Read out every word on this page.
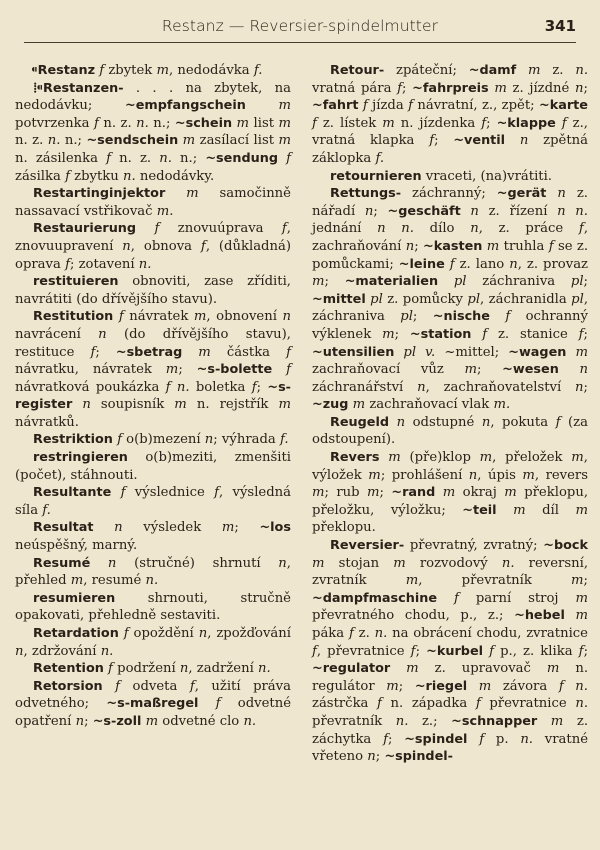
Restanz — Reversier-spindelmutter	341

⁌Restanz f zbytek m, nedodávka f.

⁞⁌Restanzen- . . . na zbytek, na nedodávku; ~empfangschein m potvrzenka f n. z. n. n.; ~schein m list m n. z. n. n.; ~sendschein m zasílací list m n. zásilenka f n. z. n. n.; ~sendung f zásilka f zbytku n. nedodávky.

Restartinginjektor m samočinně nassavací vstřikovač m.

Restaurierung f znovuúprava f, znovuupravení n, obnova f, (důkladná) oprava f; zotavení n.

restituieren obnoviti, zase zříditi, navrátiti (do dřívějšího stavu).

Restitution f návratek m, obnovení n navrácení n (do dřívějšího stavu), restituce f; ~sbetrag m částka f návratku, návratek m; ~s-bolette f návratková poukázka f n. boletka f; ~s-register n soupisník m n. rejstřík m návratků.

Restriktion f o(b)mezení n; výhrada f.

restringieren o(b)meziti, zmenšiti (počet), stáhnouti.

Resultante f výslednice f, výsledná síla f.

Resultat n výsledek m; ~los neúspěšný, marný.

Resumé n (stručné) shrnutí n, přehled m, resumé n.

resumieren shrnouti, stručně opakovati, přehledně sestaviti.

Retardation f opoždění n, zpožďování n, zdržování n.

Retention f podržení n, zadržení n.

Retorsion f odveta f, užití práva odvetného; ~s-maßregel f odvetné opatření n; ~s-zoll m odvetné clo n.

Retour- zpáteční; ~damf m z. n. vratná pára f; ~fahrpreis m z. jízdné n; ~fahrt f jízda f návratní, z., zpět; ~karte f z. lístek m n. jízdenka f; ~klappe f z., vratná klapka f; ~ventil n zpětná záklopka f.

retournieren vraceti, (na)vrátiti.

Rettungs- záchranný; ~gerät n z. nářadí n; ~geschäft n z. řízení n n. jednání n n. dílo n, z. práce f, zachraňování n; ~kasten m truhla f se z. pomůckami; ~leine f z. lano n, z. provaz m; ~materialien pl záchraniva pl; ~mittel pl z. pomůcky pl, záchranidla pl, záchraniva pl; ~nische f ochranný výklenek m; ~station f z. stanice f; ~utensilien pl v. ~mittel; ~wagen m zachraňovací vůz m; ~wesen n záchranářství n, zachraňovatelství n; ~zug m zachraňovací vlak m.

Reugeld n odstupné n, pokuta f (za odstoupení).

Revers m (pře)klop m, přeložek m, výložek m; prohlášení n, úpis m, revers m; rub m; ~rand m okraj m překlopu, přeložku, výložku; ~teil m díl m překlopu.

Reversier- převratný, zvratný; ~bock m stojan m rozvodový n. reversní, zvratník m, převratník m; ~dampfmaschine f parní stroj m převratného chodu, p., z.; ~hebel m páka f z. n. na obrácení chodu, zvratnice f, převratnice f; ~kurbel f p., z. klika f; ~regulator m z. upravovač m n. regulátor m; ~riegel m závora f n. zástrčka f n. západka f převratnice n. převratník n. z.; ~schnapper m z. záchytka f; ~spindel f p. n. vratné vřeteno n; ~spindel-
